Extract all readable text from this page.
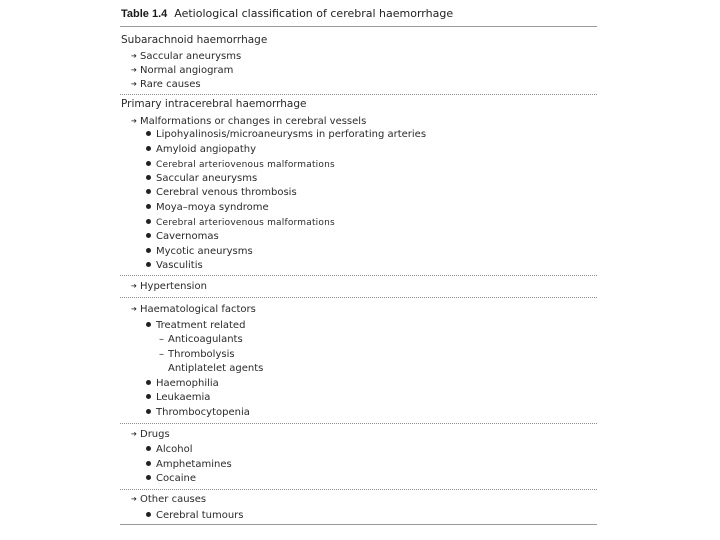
Table 1.4 Aetiological classification of cerebral haemorrhage
Subarachnoid haemorrhage
➔ Saccular aneurysms
➔ Normal angiogram
➔ Rare causes
Primary intracerebral haemorrhage
➔ Malformations or changes in cerebral vessels
Lipohyalinosis/microaneurysms in perforating arteries
Amyloid angiopathy
Cerebral arteriovenous malformations
Saccular aneurysms
Cerebral venous thrombosis
Moya–moya syndrome
Cerebral arteriovenous malformations
Cavernomas
Mycotic aneurysms
Vasculitis
➔ Hypertension
➔ Haematological factors
Treatment related
– Anticoagulants
– Thrombolysis
Antiplatelet agents
Haemophilia
Leukaemia
Thrombocytopenia
➔ Drugs
Alcohol
Amphetamines
Cocaine
➔ Other causes
Cerebral tumours
